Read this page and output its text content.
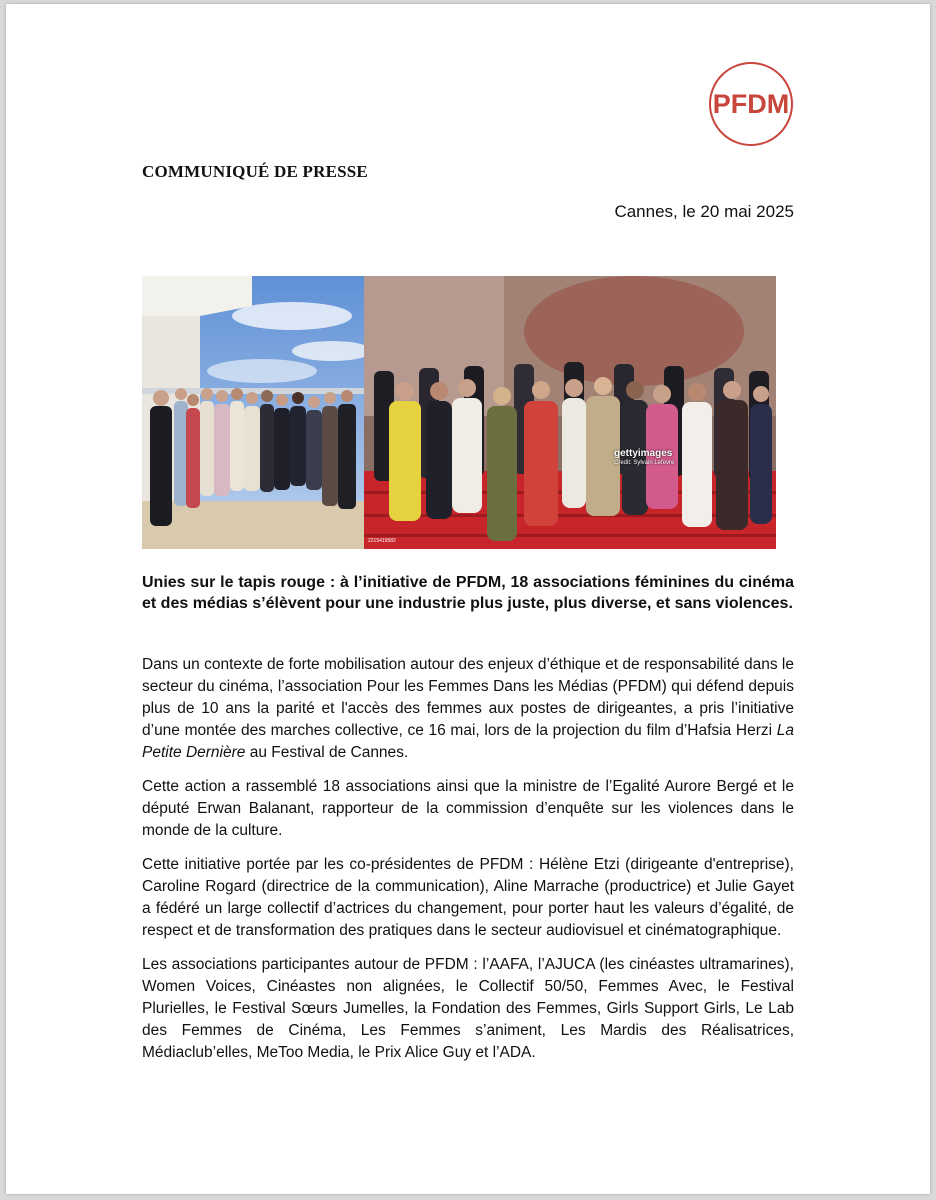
PFDM
COMMUNIQUÉ DE PRESSE
Cannes, le 20 mai 2025
gettyimages
Credit: Sylvain Lefevre
2215419582
Unies sur le tapis rouge : à l’initiative de PFDM, 18 associations féminines du cinéma et des médias s’élèvent pour une industrie plus juste, plus diverse, et sans violences.

Dans un contexte de forte mobilisation autour des enjeux d’éthique et de responsabilité dans le secteur du cinéma, l’association Pour les Femmes Dans les Médias (PFDM) qui défend depuis plus de 10 ans la parité et l'accès des femmes aux postes de dirigeantes, a pris l’initiative d’une montée des marches collective, ce 16 mai, lors de la projection du film d’Hafsia Herzi La Petite Dernière au Festival de Cannes.

Cette action a rassemblé 18 associations ainsi que la ministre de l’Egalité Aurore Bergé et le député Erwan Balanant, rapporteur de la commission d’enquête sur les violences dans le monde de la culture.

Cette initiative portée par les co-présidentes de PFDM : Hélène Etzi (dirigeante d'entreprise), Caroline Rogard (directrice de la communication), Aline Marrache (productrice) et Julie Gayet a fédéré un large collectif d’actrices du changement, pour porter haut les valeurs d’égalité, de respect et de transformation des pratiques dans le secteur audiovisuel et cinématographique.

Les associations participantes autour de PFDM : l’AAFA, l’AJUCA (les cinéastes ultramarines), Women Voices, Cinéastes non alignées, le Collectif 50/50, Femmes Avec, le Festival Plurielles, le Festival Sœurs Jumelles, la Fondation des Femmes, Girls Support Girls, Le Lab des Femmes de Cinéma, Les Femmes s’animent, Les Mardis des Réalisatrices, Médiaclub’elles, MeToo Media, le Prix Alice Guy et l’ADA.
